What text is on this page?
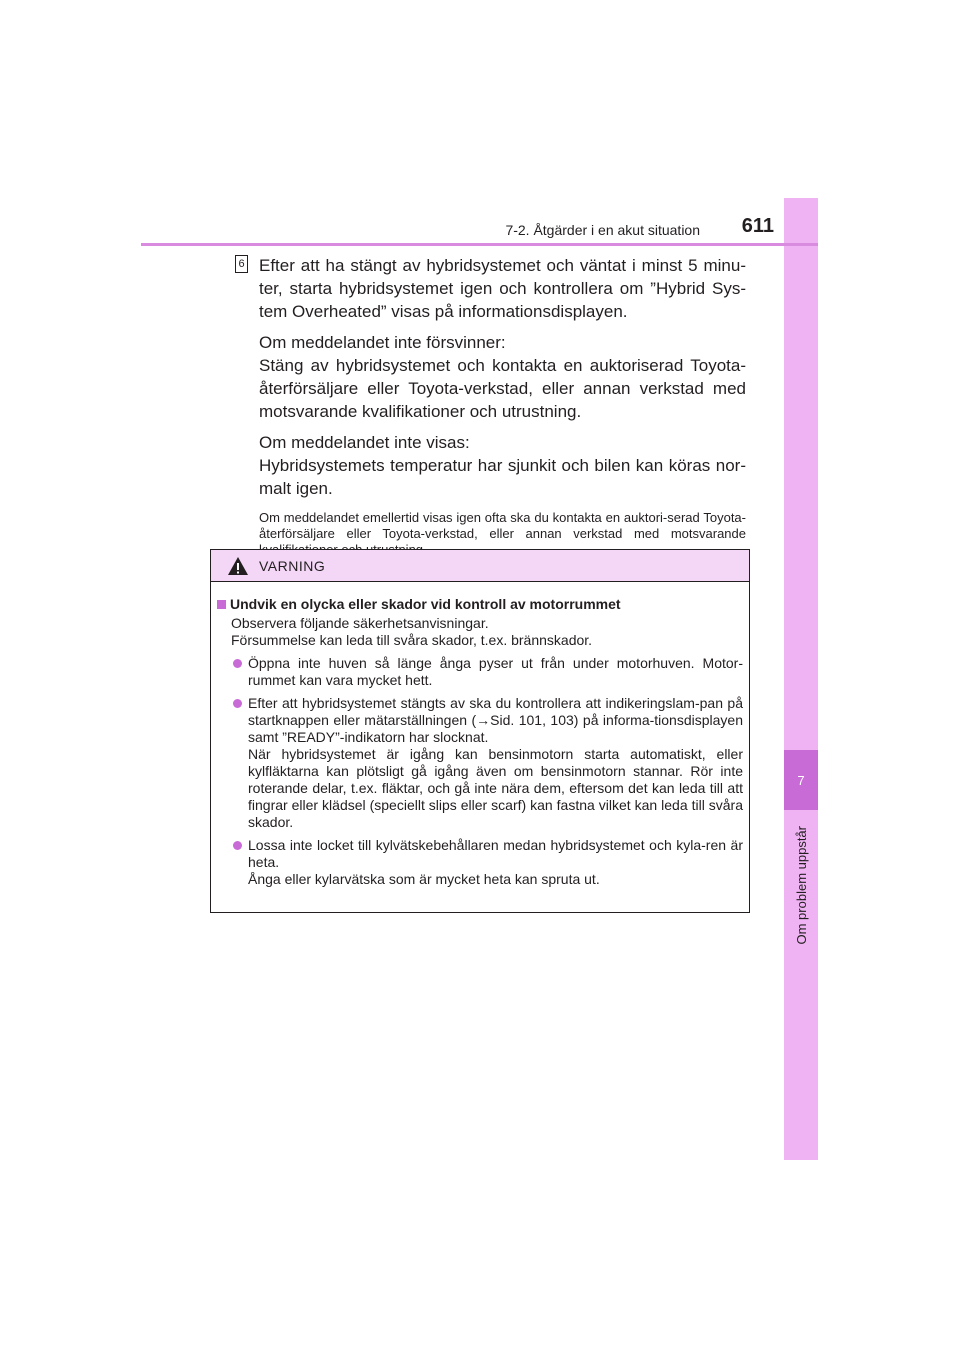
7
Om problem uppstår
7-2. Åtgärder i en akut situation	611
6 Efter att ha stängt av hybridsystemet och väntat i minst 5 minu-ter, starta hybridsystemet igen och kontrollera om ”Hybrid Sys-tem Overheated” visas på informationsdisplayen.

Om meddelandet inte försvinner:

Stäng av hybridsystemet och kontakta en auktoriserad Toyota-återförsäljare eller Toyota-verkstad, eller annan verkstad med motsvarande kvalifikationer och utrustning.

Om meddelandet inte visas:

Hybridsystemets temperatur har sjunkit och bilen kan köras nor-malt igen.

Om meddelandet emellertid visas igen ofta ska du kontakta en auktori-serad Toyota-återförsäljare eller Toyota-verkstad, eller annan verkstad med motsvarande

VARNING
Undvik en olycka eller skador vid kontroll av motorrummet
Observera följande säkerhetsanvisningar.
Försummelse kan leda till svåra skador, t.ex. brännskador.
Öppna inte huven så länge ånga pyser ut från under motorhuven. Motor-rummet kan vara mycket hett.
Efter att hybridsystemet stängts av ska du kontrollera att indikeringslam-pan på startknappen eller mätarställningen (→Sid. 101, 103) på informa-tionsdisplayen samt ”READY”-indikatorn har slocknat.
När hybridsystemet är igång kan bensinmotorn starta automatiskt, eller kylfläktarna kan plötsligt gå igång även om bensinmotorn stannar. Rör inte roterande delar, t.ex. fläktar, och gå inte nära dem, eftersom det kan leda till att fingrar eller klädsel (speciellt slips eller scarf) kan fastna vilket kan leda till svåra skador.
Lossa inte locket till kylvätskebehållaren medan hybridsystemet och kyla-ren är heta.
Ånga eller kylarvätska som är mycket heta kan spruta ut.
